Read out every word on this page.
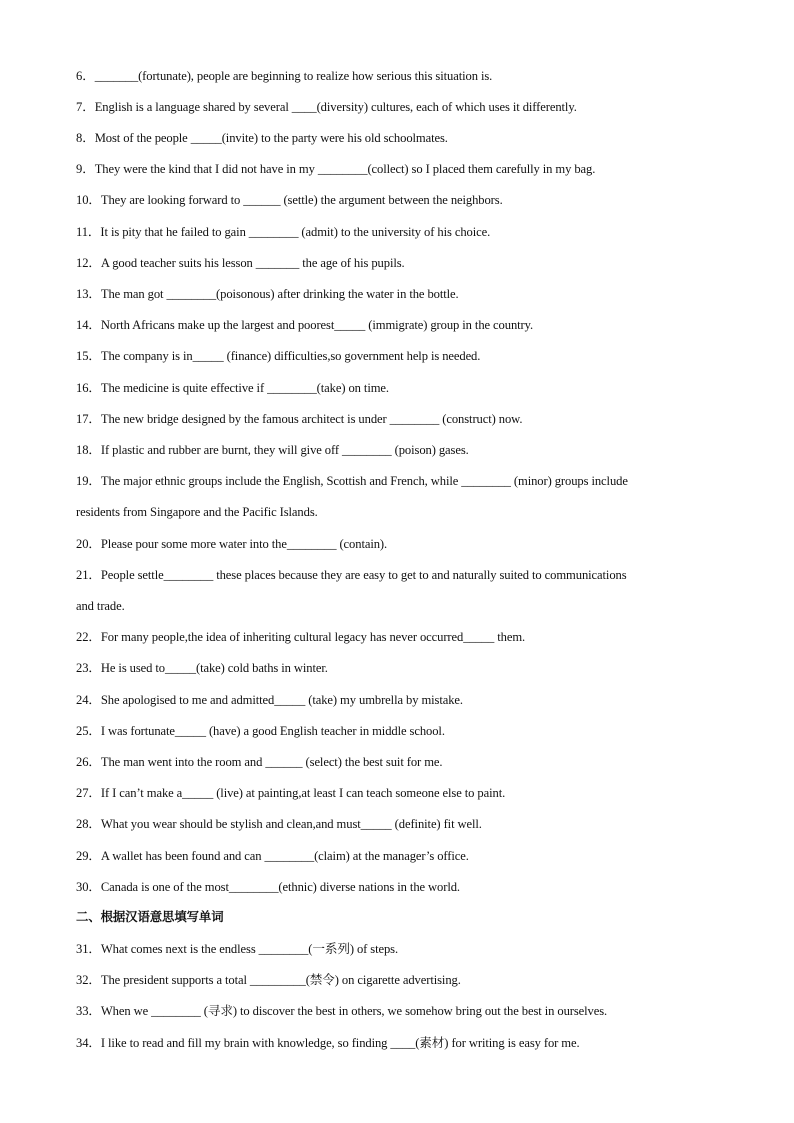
6．_______(fortunate), people are beginning to realize how serious this situation is.
7．English is a language shared by several ____(diversity) cultures, each of which uses it differently.
8．Most of the people _____(invite) to the party were his old schoolmates.
9．They were the kind that I did not have in my ________(collect) so I placed them carefully in my bag.
10．They are looking forward to ______ (settle) the argument between the neighbors.
11．It is pity that he failed to gain ________ (admit) to the university of his choice.
12．A good teacher suits his lesson _______ the age of his pupils.
13．The man got ________(poisonous) after drinking the water in the bottle.
14．North Africans make up the largest and poorest_____ (immigrate) group in the country.
15．The company is in_____ (finance) difficulties,so government help is needed.
16．The medicine is quite effective if ________(take) on time.
17．The new bridge designed by the famous architect is under ________ (construct) now.
18．If plastic and rubber are burnt, they will give off ________ (poison) gases.
19．The major ethnic groups include the English, Scottish and French, while ________ (minor) groups include
residents from Singapore and the Pacific Islands.
20．Please pour some more water into the________ (contain).
21．People settle________ these places because they are easy to get to and naturally suited to communications
and trade.
22．For many people,the idea of inheriting cultural legacy has never occurred_____ them.
23．He is used to_____(take) cold baths in winter.
24．She apologised to me and admitted_____ (take) my umbrella by mistake.
25．I was fortunate_____ (have) a good English teacher in middle school.
26．The man went into the room and ______ (select) the best suit for me.
27．If I can’t make a_____ (live) at painting,at least I can teach someone else to paint.
28．What you wear should be stylish and clean,and must_____ (definite) fit well.
29．A wallet has been found and can ________(claim) at the manager’s office.
30．Canada is one of the most________(ethnic) diverse nations in the world.
二、根据汉语意思填写单词
31．What comes next is the endless ________(一系列) of steps.
32．The president supports a total _________(禁令) on cigarette advertising.
33．When we ________ (寻求) to discover the best in others, we somehow bring out the best in ourselves.
34．I like to read and fill my brain with knowledge, so finding ____(素材) for writing is easy for me.
